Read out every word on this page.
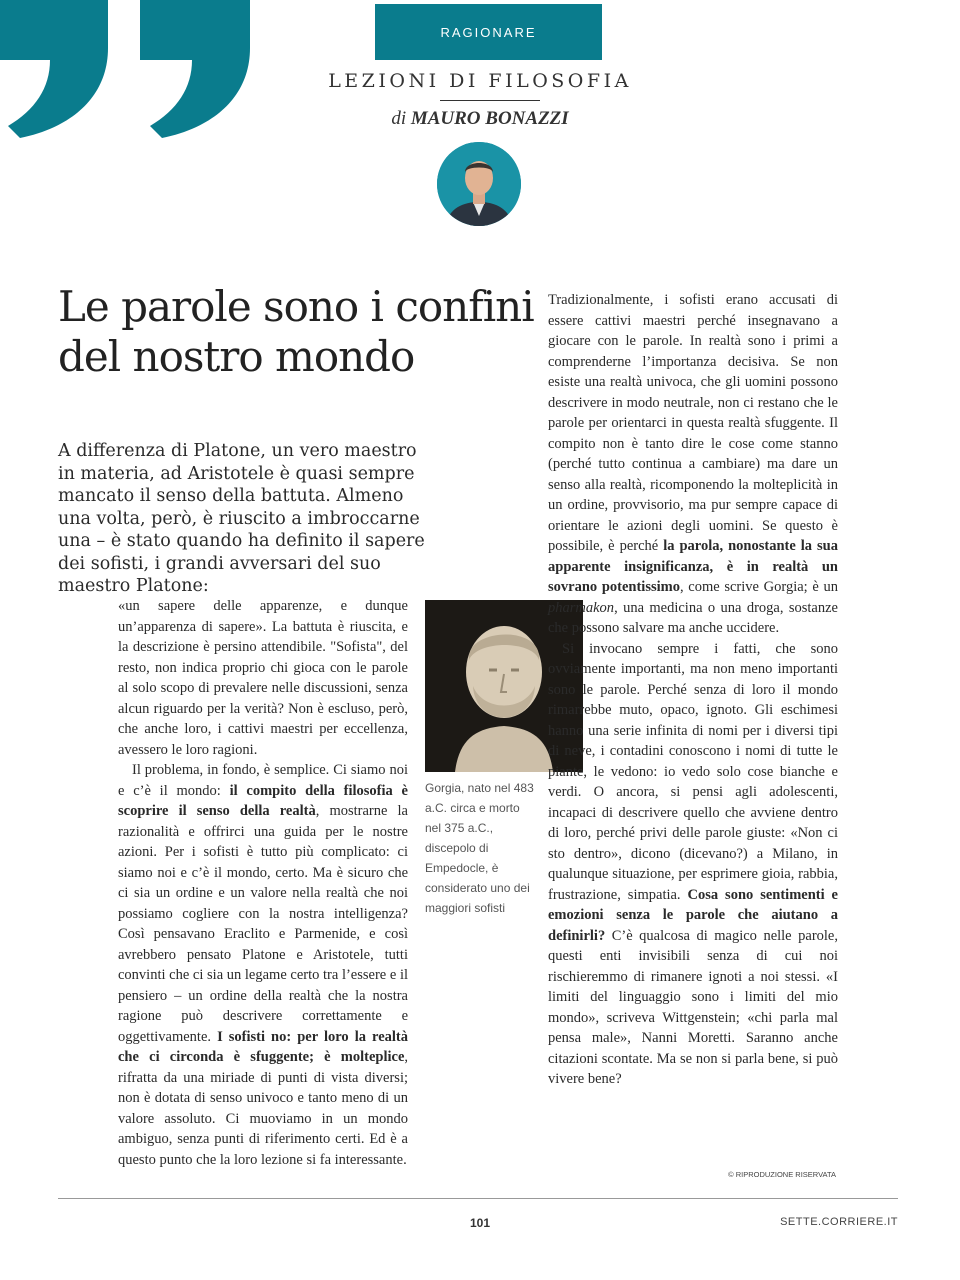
RAGIONARE
LEZIONI DI FILOSOFIA
di MAURO BONAZZI
Le parole sono i confini
del nostro mondo

A differenza di Platone, un vero maestro in materia, ad Aristotele è quasi sempre mancato il senso della battuta. Almeno una volta, però, è riuscito a imbroccarne una – è stato quando ha definito il sapere dei sofisti, i grandi avversari del suo maestro Platone:

«un sapere delle apparenze, e dunque un’apparenza di sapere». La battuta è riuscita, e la descrizione è persino attendibile. "Sofista", del resto, non indica proprio chi gioca con le parole al solo scopo di prevalere nelle discussioni, senza alcun riguardo per la verità? Non è escluso, però, che anche loro, i cattivi maestri per eccellenza, avessero le loro ragioni.

Il problema, in fondo, è semplice. Ci siamo noi e c’è il mondo: il compito della filosofia è scoprire il senso della realtà, mostrarne la razionalità e offrirci una guida per le nostre azioni. Per i sofisti è tutto più complicato: ci siamo noi e c’è il mondo, certo. Ma è sicuro che ci sia un ordine e un valore nella realtà che noi possiamo cogliere con la nostra intelligenza? Così pensavano Eraclito e Parmenide, e così avrebbero pensato Platone e Aristotele, tutti convinti che ci sia un legame certo tra l’essere e il pensiero – un ordine della realtà che la nostra ragione può descrivere correttamente e oggettivamente. I sofisti no: per loro la realtà che ci circonda è sfuggente; è molteplice, rifratta da una miriade di punti di vista diversi; non è dotata di senso univoco e tanto meno di un valore assoluto. Ci muoviamo in un mondo ambiguo, senza punti di riferimento certi. Ed è a questo punto che la loro lezione si fa interessante.

Gorgia, nato nel 483 a.C. circa e morto nel 375 a.C., discepolo di Empedocle, è considerato uno dei maggiori sofisti

Tradizionalmente, i sofisti erano accusati di essere cattivi maestri perché insegnavano a giocare con le parole. In realtà sono i primi a comprenderne l’importanza decisiva. Se non esiste una realtà univoca, che gli uomini possono descrivere in modo neutrale, non ci restano che le parole per orientarci in questa realtà sfuggente. Il compito non è tanto dire le cose come stanno (perché tutto continua a cambiare) ma dare un senso alla realtà, ricomponendo la molteplicità in un ordine, provvisorio, ma pur sempre capace di orientare le azioni degli uomini. Se questo è possibile, è perché la parola, nonostante la sua apparente insignificanza, è in realtà un sovrano potentissimo, come scrive Gorgia; è un pharmakon, una medicina o una droga, sostanze che possono salvare ma anche uccidere.

Si invocano sempre i fatti, che sono ovviamente importanti, ma non meno importanti sono le parole. Perché senza di loro il mondo rimarrebbe muto, opaco, ignoto. Gli eschimesi hanno una serie infinita di nomi per i diversi tipi di neve, i contadini conoscono i nomi di tutte le piante, le vedono: io vedo solo cose bianche e verdi. O ancora, si pensi agli adolescenti, incapaci di descrivere quello che avviene dentro di loro, perché privi delle parole giuste: «Non ci sto dentro», dicono (dicevano?) a Milano, in qualunque situazione, per esprimere gioia, rabbia, frustrazione, simpatia. Cosa sono sentimenti e emozioni senza le parole che aiutano a definirli? C’è qualcosa di magico nelle parole, questi enti invisibili senza di cui noi rischieremmo di rimanere ignoti a noi stessi. «I limiti del linguaggio sono i limiti del mio mondo», scriveva Wittgenstein; «chi parla mal pensa male», Nanni Moretti. Saranno anche citazioni scontate. Ma se non si parla bene, si può vivere bene?

© RIPRODUZIONE RISERVATA
101	SETTE.CORRIERE.IT
